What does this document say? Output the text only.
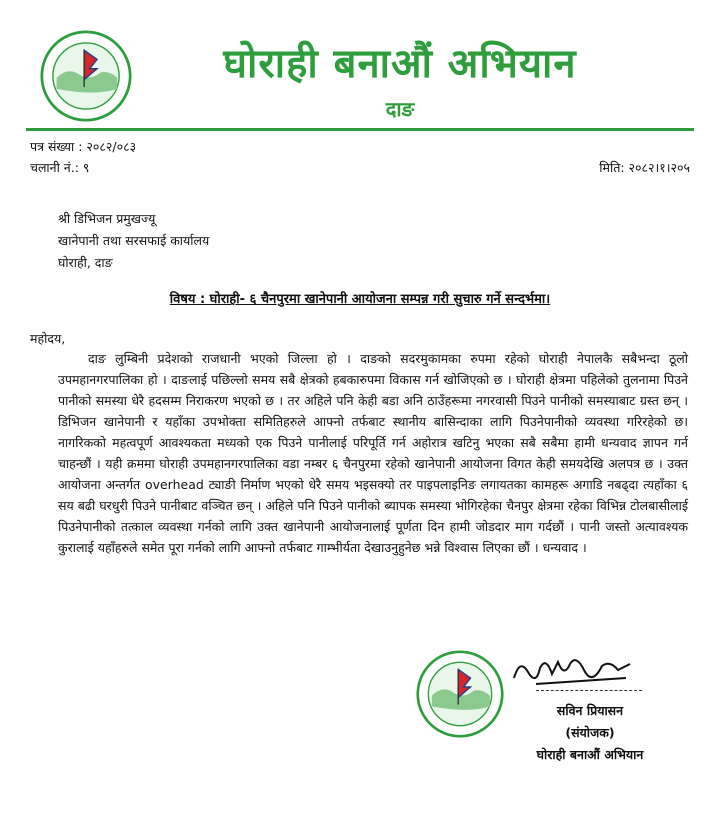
घोराही बनाऔं अभियान
दाङ
पत्र संख्या : २०८२/०८३
चलानी नं.: ९	मिति: २०८२।१।२०५
श्री डिभिजन प्रमुखज्यू
खानेपानी तथा सरसफाई कार्यालय
घोराही, दाङ
विषय : घोराही- ६ चैनपुरमा खानेपानी आयोजना सम्पन्न गरी सुचारु गर्ने सन्दर्भमा।
महोदय,
दाङ लुम्बिनी प्रदेशको राजधानी भएको जिल्ला हो । दाङको सदरमुकामका रुपमा रहेको घोराही नेपालकै सबैभन्दा ठूलो उपमहानगरपालिका हो । दाङलाई पछिल्लो समय सबै क्षेत्रको हबकारुपमा विकास गर्न खोजिएको छ । घोराही क्षेत्रमा पहिलेको तुलनामा पिउने पानीको समस्या धेरै हदसम्म निराकरण भएको छ । तर अहिले पनि केही बडा अनि ठाउँहरूमा नगरवासी पिउने पानीको समस्याबाट ग्रस्त छन् । डिभिजन खानेपानी र यहाँका उपभोक्ता समितिहरुले आफ्नो तर्फबाट स्थानीय बासिन्दाका लागि पिउनेपानीको व्यवस्था गरिरहेको छ। नागरिकको महत्वपूर्ण आवश्यकता मध्यको एक पिउने पानीलाई परिपूर्ति गर्न अहोरात्र खटिनु भएका सबै सबैमा हामी धन्यवाद ज्ञापन गर्न चाहन्छौं । यही क्रममा घोराही उपमहानगरपालिका वडा नम्बर ६ चैनपुरमा रहेको खानेपानी आयोजना विगत केही समयदेखि अलपत्र छ । उक्त आयोजना अन्तर्गत overhead ट्याङी निर्माण भएको धेरै समय भइसक्यो तर पाइपलाइनिङ लगायतका कामहरू अगाडि नबढ्दा त्यहाँका ६ सय बढी घरधुरी पिउने पानीबाट वञ्चित छन् । अहिले पनि पिउने पानीको ब्यापक समस्या भोगिरहेका चैनपुर क्षेत्रमा रहेका विभिन्न टोलबासीलाई पिउनेपानीको तत्काल व्यवस्था गर्नको लागि उक्त खानेपानी आयोजनालाई पूर्णता दिन हामी जोडदार माग गर्दछौं । पानी जस्तो अत्यावश्यक कुरालाई यहाँहरुले समेत पूरा गर्नको लागि आफ्नो तर्फबाट गाम्भीर्यता देखाउनुहुनेछ भन्ने विश्वास लिएका छौं । धन्यवाद ।
सविन प्रियासन
(संयोजक)
घोराही बनाऔं अभियान
